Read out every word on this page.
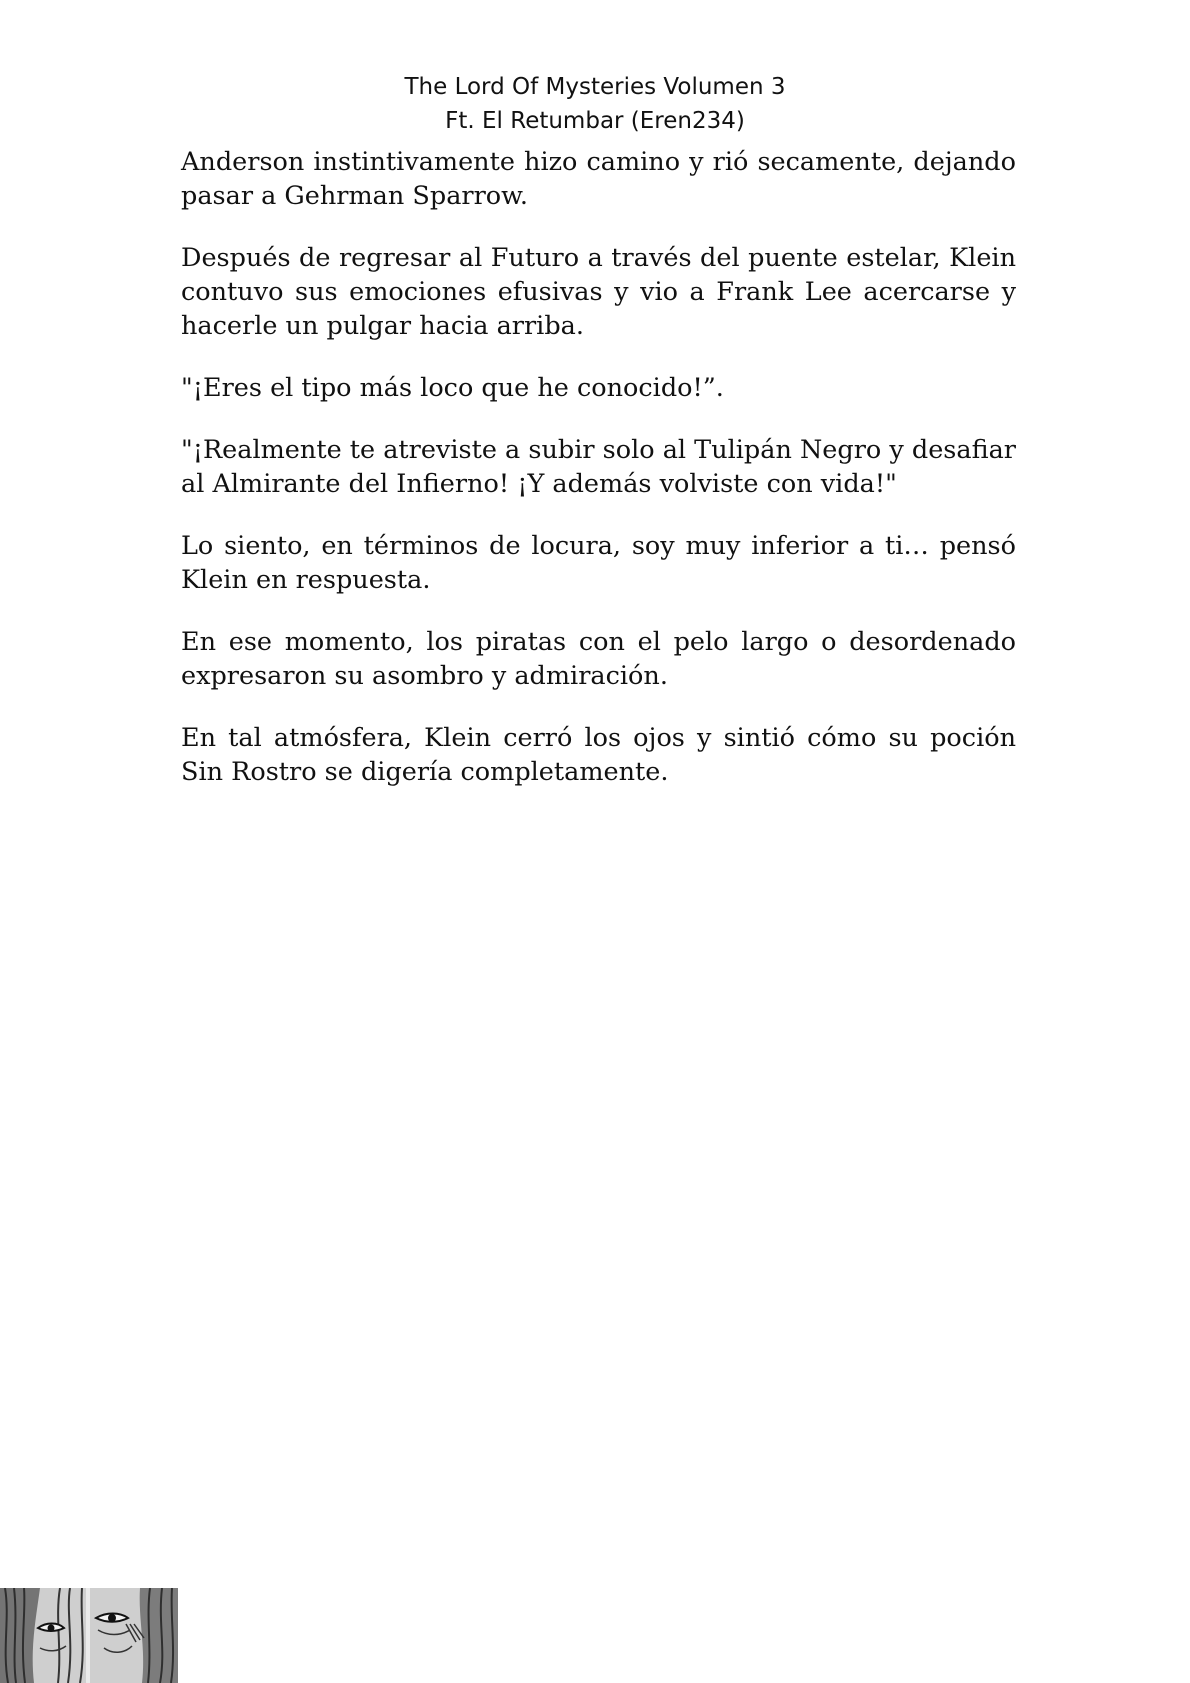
The Lord Of Mysteries Volumen 3
Ft. El Retumbar (Eren234)

Anderson instintivamente hizo camino y rió secamente, dejando pasar a Gehrman Sparrow.

Después de regresar al Futuro a través del puente estelar, Klein contuvo sus emociones efusivas y vio a Frank Lee acercarse y hacerle un pulgar hacia arriba.

"¡Eres el tipo más loco que he conocido!”.

"¡Realmente te atreviste a subir solo al Tulipán Negro y desafiar al Almirante del Infierno! ¡Y además volviste con vida!"

Lo siento, en términos de locura, soy muy inferior a ti… pensó Klein en respuesta.

En ese momento, los piratas con el pelo largo o desordenado expresaron su asombro y admiración.

En tal atmósfera, Klein cerró los ojos y sintió cómo su poción Sin Rostro se digería completamente.
